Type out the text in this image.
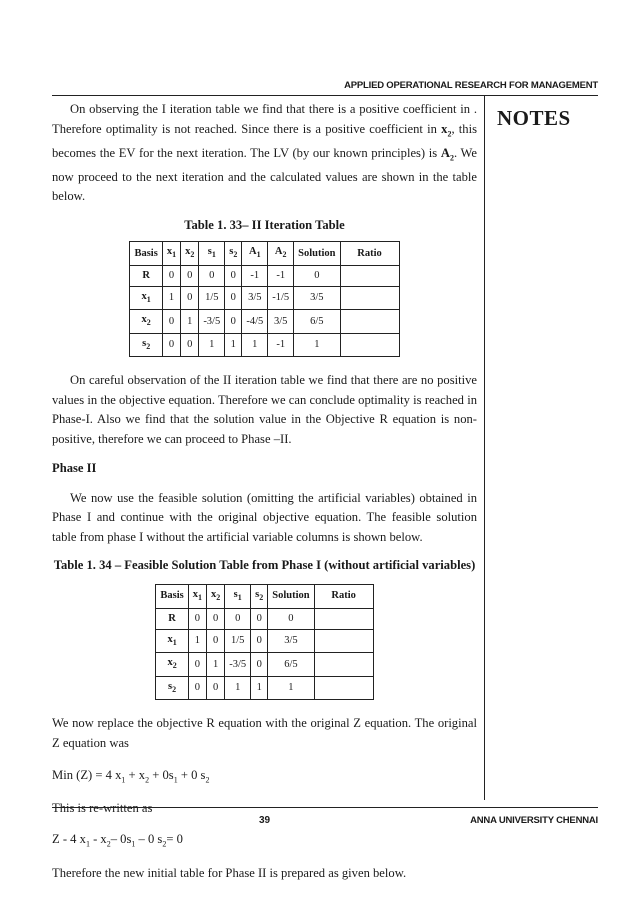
APPLIED OPERATIONAL RESEARCH FOR MANAGEMENT
NOTES

On observing the I iteration table we find that there is a positive coefficient in . Therefore optimality is not reached. Since there is a positive coefficient in $x_2$, this becomes the EV for the next iteration. The LV (by our known principles) is $A_2$. We now proceed to the next iteration and the calculated values are shown in the table below.

Table 1. 33– II Iteration Table
Basis	$x_1$	$x_2$	$s_1$	$s_2$	$A_1$	$A_2$	Solution	Ratio
R	0	0	0	0	-1	-1	0	
$x_1$	1	0	1/5	0	3/5	-1/5	3/5	
$x_2$	0	1	-3/5	0	-4/5	3/5	6/5	
$s_2$	0	0	1	1	1	-1	1	

On careful observation of the II iteration table we find that there are no positive values in the objective equation. Therefore we can conclude optimality is reached in Phase-I. Also we find that the solution value in the Objective R equation is non-positive, therefore we can proceed to Phase –II.

Phase II

We now use the feasible solution (omitting the artificial variables) obtained in Phase I and continue with the original objective equation. The feasible solution table from phase I without the artificial variable columns is shown below.

Table 1. 34 – Feasible Solution Table from Phase I (without artificial variables)
Basis	$x_1$	$x_2$	$s_1$	$s_2$	Solution	Ratio
R	0	0	0	0	0	
$x_1$	1	0	1/5	0	3/5	
$x_2$	0	1	-3/5	0	6/5	
$s_2$	0	0	1	1	1	

We now replace the objective R equation with the original Z equation. The original Z equation was

Min (Z) = 4 $x_1 + x_2 + 0s_1 + 0$ $s_2$

This is re-written as

Z - 4 $x_1 - x_2-$ $0s_1 - 0$ $s_2= 0$

Therefore the new initial table for Phase II is prepared as given below.

39	ANNA UNIVERSITY CHENNAI
